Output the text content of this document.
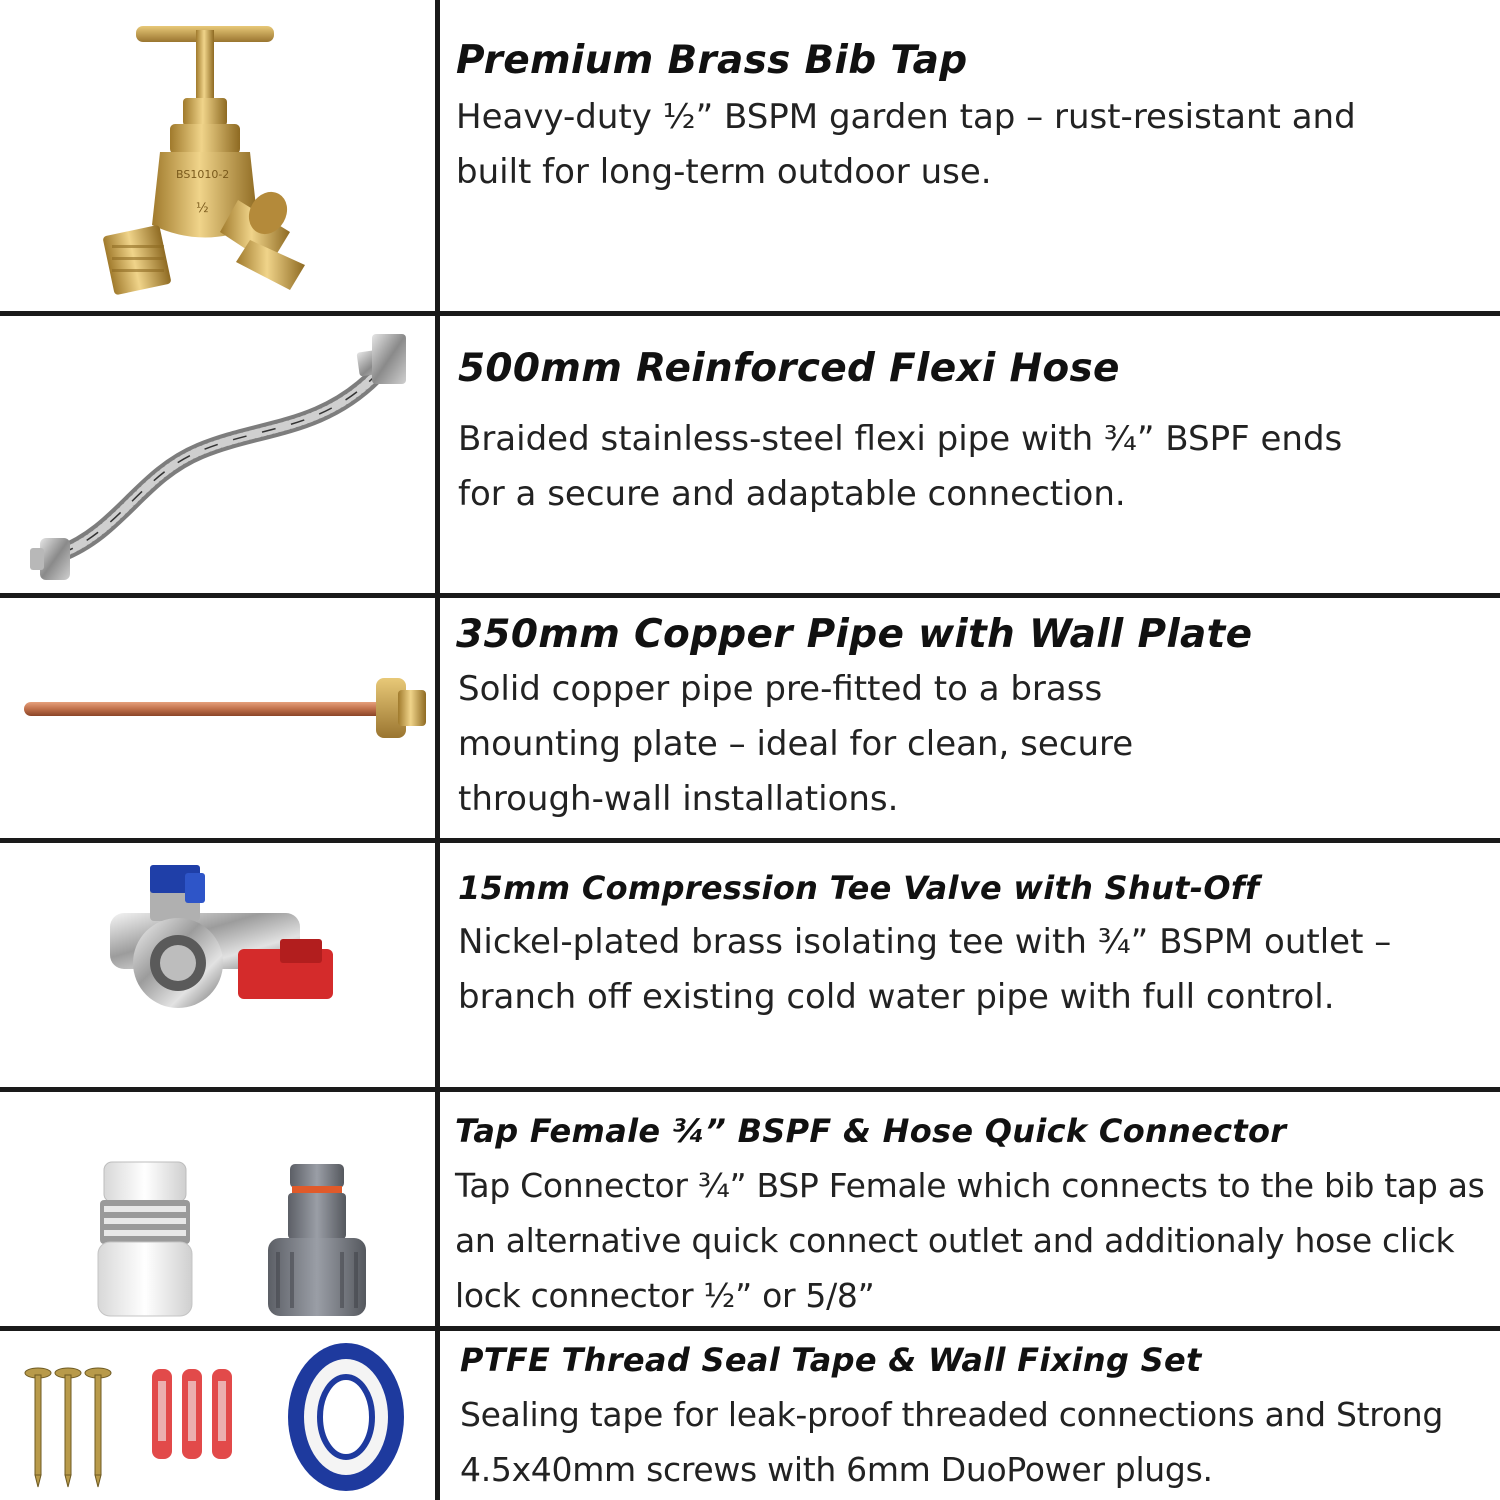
BS1010-2
½
Premium Brass Bib Tap
Heavy-duty ½” BSPM garden tap – rust-resistant and built for long-term outdoor use.
500mm Reinforced Flexi Hose
Braided stainless-steel flexi pipe with ¾” BSPF ends for a secure and adaptable connection.
350mm Copper Pipe with Wall Plate
Solid copper pipe pre-fitted to a brass mounting plate – ideal for clean, secure through-wall installations.
15mm Compression Tee Valve with Shut-Off
Nickel-plated brass isolating tee with ¾” BSPM outlet – branch off existing cold water pipe with full control.
Tap Female ¾” BSPF & Hose Quick Connector
Tap Connector ¾” BSP Female which connects to the bib tap as an alternative quick connect outlet and additionaly hose click lock connector ½” or 5/8”
PTFE Thread Seal Tape & Wall Fixing Set
Sealing tape for leak-proof threaded connections and Strong 4.5x40mm screws with 6mm DuoPower plugs.
